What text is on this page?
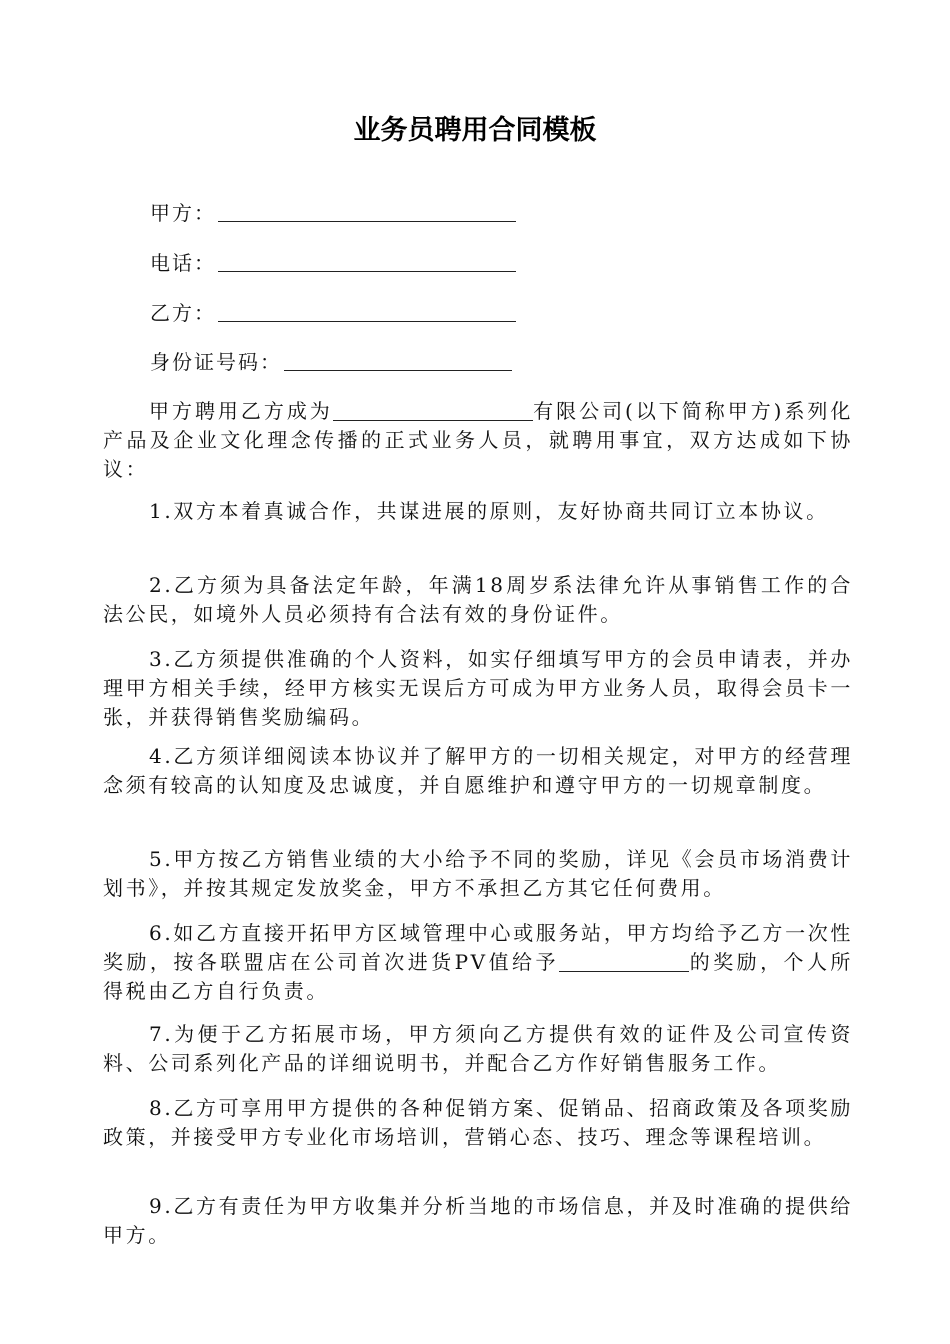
业务员聘用合同模板
甲方：
电话：
乙方：
身份证号码：
甲方聘用乙方成为	有限公司(以下简称甲方)系列化产品及企业文化理念传播的正式业务人员，就聘用事宜，双方达成如下协议：
1.双方本着真诚合作，共谋进展的原则，友好协商共同订立本协议。
2.乙方须为具备法定年龄，年满18周岁系法律允许从事销售工作的合法公民，如境外人员必须持有合法有效的身份证件。
3.乙方须提供准确的个人资料，如实仔细填写甲方的会员申请表，并办理甲方相关手续，经甲方核实无误后方可成为甲方业务人员，取得会员卡一张，并获得销售奖励编码。
4.乙方须详细阅读本协议并了解甲方的一切相关规定，对甲方的经营理念须有较高的认知度及忠诚度，并自愿维护和遵守甲方的一切规章制度。
5.甲方按乙方销售业绩的大小给予不同的奖励，详见《会员市场消费计划书》，并按其规定发放奖金，甲方不承担乙方其它任何费用。
6.如乙方直接开拓甲方区域管理中心或服务站，甲方均给予乙方一次性奖励，按各联盟店在公司首次进货PV值给予	的奖励，个人所得税由乙方自行负责。
7.为便于乙方拓展市场，甲方须向乙方提供有效的证件及公司宣传资料、公司系列化产品的详细说明书，并配合乙方作好销售服务工作。
8.乙方可享用甲方提供的各种促销方案、促销品、招商政策及各项奖励政策，并接受甲方专业化市场培训，营销心态、技巧、理念等课程培训。
9.乙方有责任为甲方收集并分析当地的市场信息，并及时准确的提供给甲方。
